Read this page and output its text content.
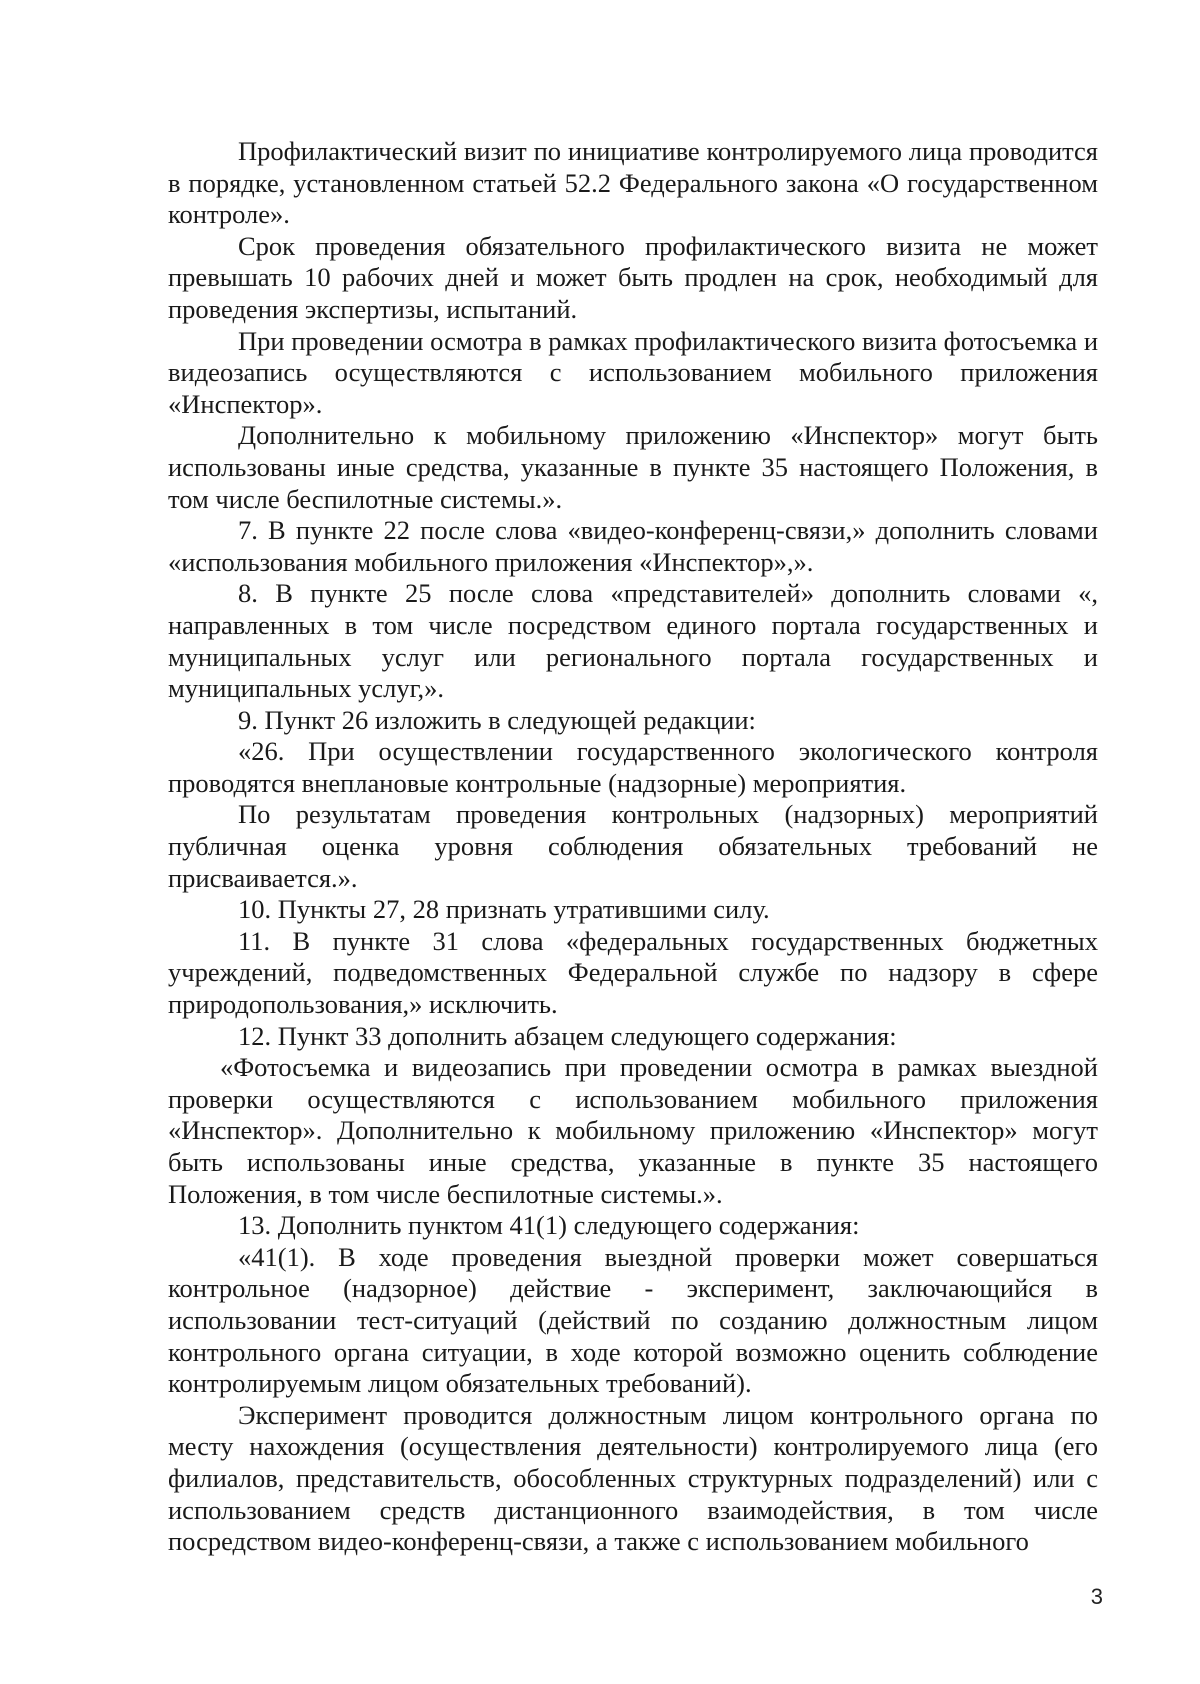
Профилактический визит по инициативе контролируемого лица проводится в порядке, установленном статьей 52.2 Федерального закона «О государственном контроле».

Срок проведения обязательного профилактического визита не может превышать 10 рабочих дней и может быть продлен на срок, необходимый для проведения экспертизы, испытаний.

При проведении осмотра в рамках профилактического визита фотосъемка и видеозапись осуществляются с использованием мобильного приложения «Инспектор».

Дополнительно к мобильному приложению «Инспектор» могут быть использованы иные средства, указанные в пункте 35 настоящего Положения, в том числе беспилотные системы.».

7. В пункте 22 после слова «видео-конференц-связи,» дополнить словами «использования мобильного приложения «Инспектор»,».

8. В пункте 25 после слова «представителей» дополнить словами «, направленных в том числе посредством единого портала государственных и муниципальных услуг или регионального портала государственных и муниципальных услуг,».

9. Пункт 26 изложить в следующей редакции:

«26. При осуществлении государственного экологического контроля проводятся внеплановые контрольные (надзорные) мероприятия.

По результатам проведения контрольных (надзорных) мероприятий публичная оценка уровня соблюдения обязательных требований не присваивается.».

10. Пункты 27, 28 признать утратившими силу.

11. В пункте 31 слова «федеральных государственных бюджетных учреждений, подведомственных Федеральной службе по надзору в сфере природопользования,» исключить.

12. Пункт 33 дополнить абзацем следующего содержания:

«Фотосъемка и видеозапись при проведении осмотра в рамках выездной проверки осуществляются с использованием мобильного приложения «Инспектор». Дополнительно к мобильному приложению «Инспектор» могут быть использованы иные средства, указанные в пункте 35 настоящего Положения, в том числе беспилотные системы.».

13. Дополнить пунктом 41(1) следующего содержания:

«41(1). В ходе проведения выездной проверки может совершаться контрольное (надзорное) действие - эксперимент, заключающийся в использовании тест-ситуаций (действий по созданию должностным лицом контрольного органа ситуации, в ходе которой возможно оценить соблюдение контролируемым лицом обязательных требований).

Эксперимент проводится должностным лицом контрольного органа по месту нахождения (осуществления деятельности) контролируемого лица (его филиалов, представительств, обособленных структурных подразделений) или с использованием средств дистанционного взаимодействия, в том числе посредством видео-конференц-связи, а также с использованием мобильного

3
